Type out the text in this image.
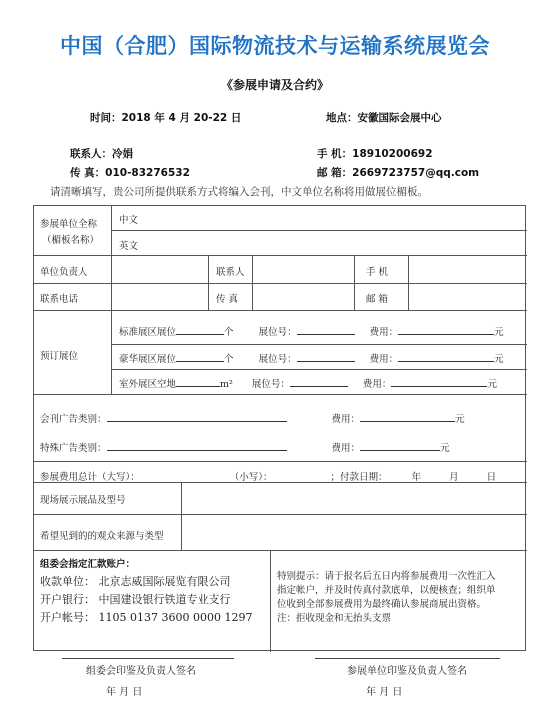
中国（合肥）国际物流技术与运输系统展览会
《参展申请及合约》
时间：2018 年 4 月 20-22 日	地点：安徽国际会展中心
联系人：冷娟	手 机：18910200692
传 真：010-83276532	邮 箱：2669723757@qq.com
请清晰填写，贵公司所提供联系方式将编入会刊，中文单位名称将用做展位楣板。
参展单位全称
（楣板名称）
中文
英文
单位负责人	联系人	手 机
联系电话	传 真	邮 箱
预订展位
标准展区展位	个	展位号：	费用：	元
豪华展区展位	个	展位号：	费用：	元
室外展区空地	m² 展位号：	费用：	元
会刊广告类别：	费用：	元
特殊广告类别：	费用：	元
参展费用总计（大写）：	（小写）：	；付款日期：	年	月	日
现场展示展品及型号
希望见到的的观众来源与类型
组委会指定汇款账户：
收款单位： 北京志威国际展览有限公司
开户银行： 中国建设银行铁道专业支行
开户帐号： 1105 0137 3600 0000 1297
特别提示：请于报名后五日内将参展费用一次性汇入
指定帐户，并及时传真付款底单，以便核查；组织单
位收到全部参展费用为最终确认参展商展出资格。
注：拒收现金和无抬头支票
组委会印鉴及负责人签名	参展单位印鉴及负责人签名
年 月 日	年 月 日
